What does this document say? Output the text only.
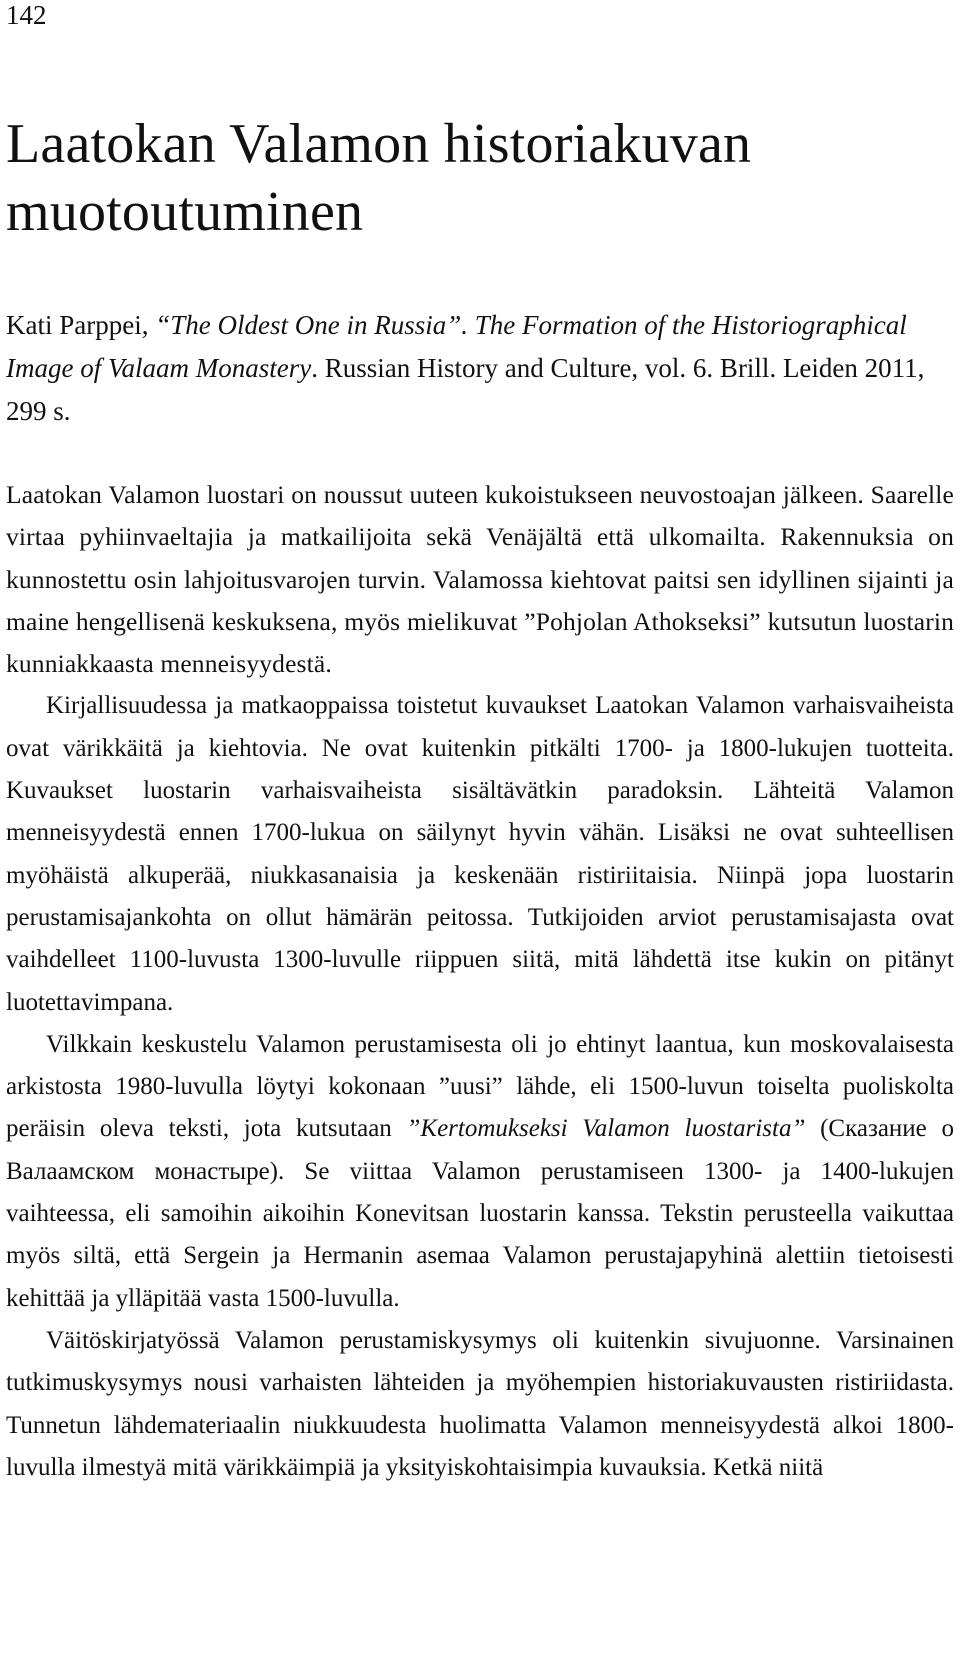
142
Laatokan Valamon historiakuvan
muotoutuminen

Kati Parppei, “The Oldest One in Russia”. The Formation of the Historiographical Image of Valaam Monastery. Russian History and Culture, vol. 6. Brill. Leiden 2011, 299 s.

Laatokan Valamon luostari on noussut uuteen kukoistukseen neuvostoajan jälkeen. Saarelle virtaa pyhiinvaeltajia ja matkailijoita sekä Venäjältä että ulkomailta. Rakennuksia on kunnostettu osin lahjoitusvarojen turvin. Valamossa kiehtovat paitsi sen idyllinen sijainti ja maine hengellisenä keskuksena, myös mielikuvat ”Pohjolan Athokseksi” kutsutun luostarin kunniakkaasta menneisyydestä.

Kirjallisuudessa ja matkaoppaissa toistetut kuvaukset Laatokan Valamon varhaisvaiheista ovat värikkäitä ja kiehtovia. Ne ovat kuitenkin pitkälti 1700- ja 1800-lukujen tuotteita. Kuvaukset luostarin varhaisvaiheista sisältävätkin paradoksin. Lähteitä Valamon menneisyydestä ennen 1700-lukua on säilynyt hyvin vähän. Lisäksi ne ovat suhteellisen myöhäistä alkuperää, niukkasanaisia ja keskenään ristiriitaisia. Niinpä jopa luostarin perustamisajankohta on ollut hämärän peitossa. Tutkijoiden arviot perustamisajasta ovat vaihdelleet 1100-luvusta 1300-luvulle riippuen siitä, mitä lähdettä itse kukin on pitänyt luotettavimpana.

Vilkkain keskustelu Valamon perustamisesta oli jo ehtinyt laantua, kun moskovalaisesta arkistosta 1980-luvulla löytyi kokonaan ”uusi” lähde, eli 1500-luvun toiselta puoliskolta peräisin oleva teksti, jota kutsutaan ”Kertomukseksi Valamon luostarista” (Сказание о Валаамском монастыре). Se viittaa Valamon perustamiseen 1300- ja 1400-lukujen vaihteessa, eli samoihin aikoihin Konevitsan luostarin kanssa. Tekstin perusteella vaikuttaa myös siltä, että Sergein ja Hermanin asemaa Valamon perustajapyhinä alettiin tietoisesti kehittää ja ylläpitää vasta 1500-luvulla.

Väitöskirjatyössä Valamon perustamiskysymys oli kuitenkin sivujuonne. Varsinainen tutkimuskysymys nousi varhaisten lähteiden ja myöhempien historiakuvausten ristiriidasta. Tunnetun lähdemateriaalin niukkuudesta huolimatta Valamon menneisyydestä alkoi 1800-luvulla ilmestyä mitä värikkäimpiä ja yksityiskohtaisimpia kuvauksia. Ketkä niitä
